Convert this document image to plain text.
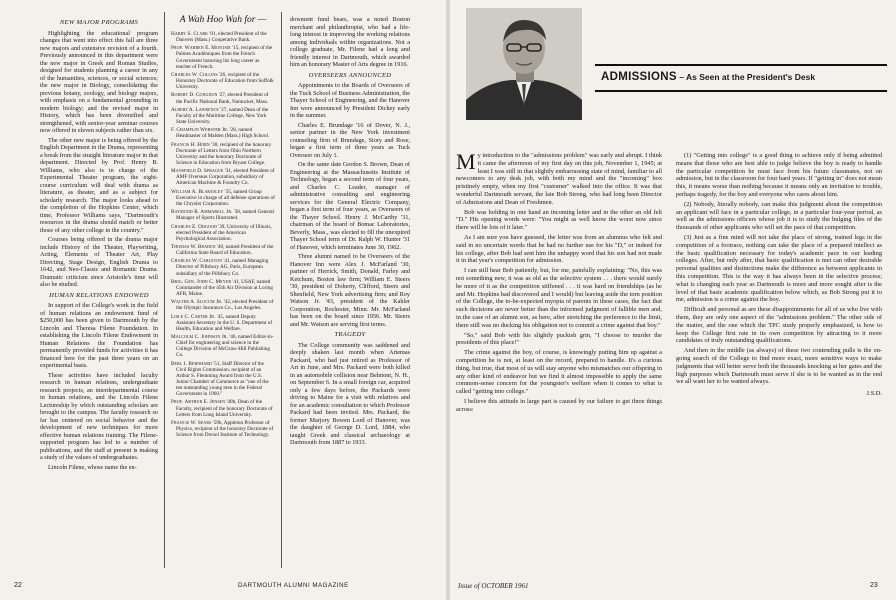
NEW MAJOR PROGRAMS

Highlighting the educational program changes that went into effect this fall are three new majors and extensive revision of a fourth. Previously announced in this department were the new major in Greek and Roman Studies, designed for students planning a career in any of the humanities, sciences, or social sciences; the new major in Biology, consolidating the previous botany, zoology, and biology majors, with emphasis on a fundamental grounding in modern biology; and the revised major in History, which has been diversified and strengthened, with senior-year seminar courses now offered in eleven subjects rather than six.

The other new major is being offered by the English Department in the Drama, representing a break from the straight literature major in that department. Directed by Prof. Henry B. Williams, who also is in charge of the Experimental Theater program, the eight-course curriculum will deal with drama as literature, as theater, and as a subject for scholarly research. The major looks ahead to the completion of the Hopkins Center, which time, Professor Williams says, "Dartmouth's resources in the drama should match or better those of any other college in the country."

Courses being offered in the drama major include History of the Theater, Playwriting, Acting, Elements of Theater Art, Play Directing, Stage Design, English Drama to 1642, and Neo-Classic and Romantic Drama. Dramatic criticism since Aristotle's time will also be studied.

HUMAN RELATIONS ENDOWED

In support of the College's work in the field of human relations an endowment fund of $250,000 has been given to Dartmouth by the Lincoln and Theresa Filene Foundation. In establishing the Lincoln Filene Endowment in Human Relations the Foundation has permanently provided funds for activities it has financed here for the past three years on an experimental basis.

These activities have included faculty research in human relations, undergraduate research projects, an interdepartmental course in human relations, and the Lincoln Filene Lectureship by which outstanding scholars are brought to the campus. The faculty research so far has centered on social behavior and the development of new techniques for more effective human relations training. The Filene-supported program has led to a number of publications, and the staff at present is making a study of the values of undergraduates.

Lincoln Filene, whose name the en-

A Wah Hoo Wah for —
Harry S. Clark '01, elected President of the Danvers (Mass.) Cooperative Bank.
Prof. Warren E. Montsie '15, recipient of the Palmes Académiques from the French Government honoring his long career as teacher of French.
Charles W. Collins '26, recipient of the Honorary Doctorate of Education from Suffolk University.
Robert D. Congdon '27, elected President of the Pacific National Bank, Nantucket, Mass.
Albert A. Lawrence '27, named Dean of the Faculty of the Maritime College, New York State University.
F. Champlin Webster Jr. '28, named Headmaster of Malden (Mass.) High School.
Francis H. Horn '30, recipient of the honorary Doctorate of Letters from Ohio Northern University and the honorary Doctorate of Science in Education from Bryant College.
Mansfield D. Sprague '31, elected President of AMF Overseas Corporation, subsidiary of American Machine & Foundry Co.
William A. Blakesley '35, named Group Executive in charge of all defense operations of the Chrysler Corporation.
Raymond R. Ammarell Jr. '38, named General Manager of Sports Illustrated.
Charles E. Odgood '39, University of Illinois, elected President of the American Psychological Association.
Thomas W. Braden '40, named President of the California State Board of Education.
Charles W. Carleton '41, named Managing Director of Pillsbury AG, Paris, European subsidiary of the Pillsbury Co.
Brig. Gen. John C. Meyer '41, USAF, named Commander of the 45th Air Division at Loring AFB, Maine.
Walter A. Slocum Jr. '42, elected President of the Olympic Insurance Co., Los Angeles.
Lisle C. Carter Jr. '45, named Deputy Assistant Secretary in the U. S. Department of Health, Education and Welfare.
Malcolm C. Johnson Jr. '46, named Editor-in-Chief for engineering and science in the College Division of McGraw-Hill Publishing Co.
Berl I. Bernhard '51, Staff Director of the Civil Rights Commission, recipient of an Arthur S. Flemming Award from the U.S. Junior Chamber of Commerce as "one of the ten outstanding young men in the Federal Government in 1960."
Prof. Arthur E. Jensen '40h, Dean of the Faculty, recipient of the honorary Doctorate of Letters from Long Island University.
Francis W. Sears '59h, Appleton Professor of Physics, recipient of the honorary Doctorate of Science from Drexel Institute of Technology.

dowment fund bears, was a noted Boston merchant and philanthropist, who had a life-long interest in improving the working relations among individuals within organizations. Not a college graduate, Mr. Filene had a long and friendly interest in Dartmouth, which awarded him an honorary Master of Arts degree in 1916.

OVERSEERS ANNOUNCED

Appointments to the Boards of Overseers of the Tuck School of Business Administration, the Thayer School of Engineering, and the Hanover Inn were announced by President Dickey early in the summer.

Charles E. Brundage '16 of Dover, N. J., senior partner in the New York investment counseling firm of Brundage, Story and Rose, began a first term of three years as Tuck Overseer on July 1.

On the same date Gordon S. Brown, Dean of Engineering at the Massachusetts Institute of Technology, began a second term of four years, and Charles C. Leader, manager of administrative consulting and engineering services for the General Electric Company, began a first term of four years, as Overseers of the Thayer School. Henry J. McCarthy '31, chairman of the board of Bomac Laboratories, Beverly, Mass., was elected to fill the unexpired Thayer School term of Dr. Ralph W. Hunter '31 of Hanover, which terminates June 30, 1962.

Three alumni named to be Overseers of the Hanover Inn were Alex J. McFarland '30, partner of Herrick, Smith, Donald, Farley and Ketchum, Boston law firm; William E. Steers '30, president of Doherty, Clifford, Steers and Shenfield, New York advertising firm; and Roy Watson Jr. '43, president of the Kahler Corporation, Rochester, Minn. Mr. McFarland has been on the board since 1956. Mr. Steers and Mr. Watson are serving first terms.

TRAGEDY

The College community was saddened and deeply shaken last month when Artemas Packard, who had just retired as Professor of Art in June, and Mrs. Packard were both killed in an automobile collision near Belmont, N. H., on September 6. In a small foreign car, acquired only a few days before, the Packards were driving to Maine for a visit with relatives and for an academic consultation to which Professor Packard had been invited. Mrs. Packard, the former Marjory Bowen Lord of Hanover, was the daughter of George D. Lord, 1884, who taught Greek and classical archaeology at Dartmouth from 1887 to 1933.

22	DARTMOUTH ALUMNI MAGAZINE
ADMISSIONS – As Seen at the President's Desk

My introduction to the "admissions problem" was early and abrupt. I think it came the afternoon of my first day on this job, November 1, 1945; at least I was still in that slightly embarrassing state of mind, familiar to all newcomers to any desk job, with both my mind and the "incoming" box pristinely empty, when my first "customer" walked into the office. It was that wonderful Dartmouth servant, the late Bob Strong, who had long been Director of Admissions and Dean of Freshmen.

Bob was holding in one hand an incoming letter and in the other an old felt "D." His opening words were: "You might as well know the worst now since there will be lots of it later."

As I am sure you have guessed, the letter was from an alumnus who felt and said in no uncertain words that he had no further use for his "D," or indeed for his college, after Bob had sent him the unhappy word that his son had not made it in that year's competition for admission.

I can still hear Bob patiently, but, for me, painfully explaining: "No, this was not something new, it was as old as the selective system . . . there would surely be more of it as the competition stiffened . . . it was hard on friendships (as he and Mr. Hopkins had discovered and I would) but leaving aside the torn position of the College, the to-be-expected myopia of parents in these cases, the fact that such decisions are never better than the informed judgment of fallible men and, in the case of an alumni son, as here, after stretching the preference to the limit, there still was no ducking his obligation not to commit a crime against that boy."

"So," said Bob with his slightly puckish grin, "I choose to murder the presidents of this place!"

The crime against the boy, of course, is knowingly putting him up against a competition he is not, at least on the record, prepared to handle. It's a curious thing, but true, that most of us will stay anyone who mismatches our offspring in any other kind of endeavor but we find it almost impossible to apply the same common-sense concern for the youngster's welfare when it comes to what is called "getting into college."

I believe this attitude in large part is caused by our failure to get three things across:

(1) "Getting into college" is a good thing to achieve only if being admitted means that those who are best able to judge believe the boy is ready to handle the particular competition he must face from his future classmates, not on admission, but in the classroom for four hard years. If "getting in" does not mean this, it means worse than nothing because it means only an invitation to trouble, perhaps tragedy, for the boy and everyone who cares about him.

(2) Nobody, literally nobody, can make this judgment about the competition an applicant will face in a particular college, in a particular four-year period, as well as the admissions officers whose job it is to study the bulging files of the thousands of other applicants who will set the pace of that competition.

(3) Just as a fine mind will not take the place of strong, trained legs in the competition of a footrace, nothing can take the place of a prepared intellect as the basic qualification necessary for today's academic pace in our leading colleges. After, but only after, that basic qualification is met can other desirable personal qualities and distinctions make the difference as between applicants in this competition. This is the way it has always been in the selective process; what is changing each year as Dartmouth is more and more sought after is the level of that basic academic qualification below which, as Bob Strong put it to me, admission is a crime against the boy.

Difficult and personal as are these disappointments for all of us who live with them, they are only one aspect of the "admissions problem." The other side of the matter, and the one which the TPC study properly emphasized, is how to keep the College first rate in its own competition by attracting to it more candidates of truly outstanding qualifications.

And then in the middle (as always) of these two contending pulls is the on-going search of the College to find more exact, more sensitive ways to make judgments that will better serve both the thousands knocking at her gates and the high purposes which Dartmouth must serve if she is to be wanted as in the end we all want her to be wanted always.

J.S.D.
Issue of OCTOBER 1961	23
